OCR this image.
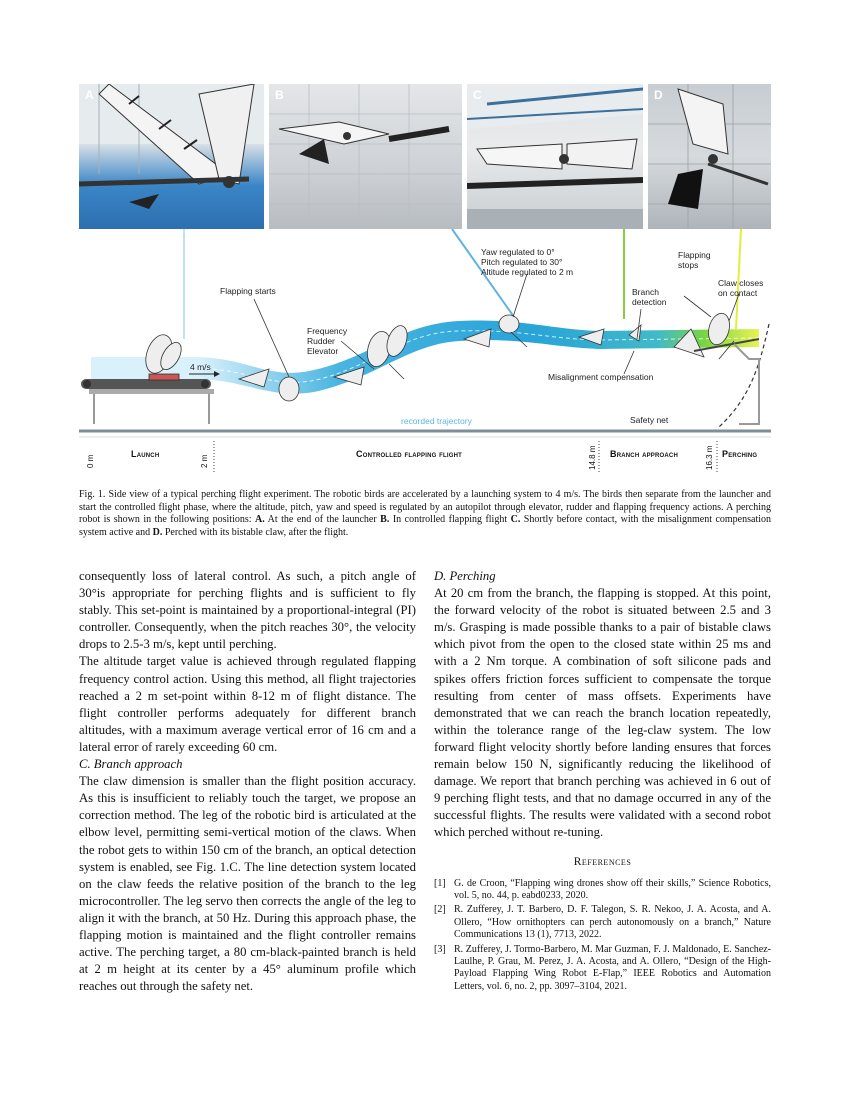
A	B	C	D
Flapping starts
4 m/s
Frequency
Rudder
Elevator
Yaw regulated to 0°
Pitch regulated to 30°
Altitude regulated to 2 m
Branch
detection
Flapping
stops
Claw closes
on contact
Misalignment compensation
recorded trajectory	Safety net
0 m	2 m	14.8 m	16.3 m
Launch	Controlled flapping flight	Branch approach	Perching
Fig. 1. Side view of a typical perching flight experiment. The robotic birds are accelerated by a launching system to 4 m/s. The birds then separate from the launcher and start the controlled flight phase, where the altitude, pitch, yaw and speed is regulated by an autopilot through elevator, rudder and flapping frequency actions. A perching robot is shown in the following positions: A. At the end of the launcher B. In controlled flapping flight C. Shortly before contact, with the misalignment compensation system active and D. Perched with its bistable claw, after the flight.

consequently loss of lateral control. As such, a pitch angle of 30°is appropriate for perching flights and is sufficient to fly stably. This set-point is maintained by a proportional-integral (PI) controller. Consequently, when the pitch reaches 30°, the velocity drops to 2.5-3 m/s, kept until perching.

The altitude target value is achieved through regulated flapping frequency control action. Using this method, all flight trajectories reached a 2 m set-point within 8-12 m of flight distance. The flight controller performs adequately for different branch altitudes, with a maximum average vertical error of 16 cm and a lateral error of rarely exceeding 60 cm.

C. Branch approach

The claw dimension is smaller than the flight position accuracy. As this is insufficient to reliably touch the target, we propose an correction method. The leg of the robotic bird is articulated at the elbow level, permitting semi-vertical motion of the claws. When the robot gets to within 150 cm of the branch, an optical detection system is enabled, see Fig. 1.C. The line detection system located on the claw feeds the relative position of the branch to the leg microcontroller. The leg servo then corrects the angle of the leg to align it with the branch, at 50 Hz. During this approach phase, the flapping motion is maintained and the flight controller remains active. The perching target, a 80 cm-black-painted branch is held at 2 m height at its center by a 45° aluminum profile which reaches out through the safety net.

D. Perching

At 20 cm from the branch, the flapping is stopped. At this point, the forward velocity of the robot is situated between 2.5 and 3 m/s. Grasping is made possible thanks to a pair of bistable claws which pivot from the open to the closed state within 25 ms and with a 2 Nm torque. A combination of soft silicone pads and spikes offers friction forces sufficient to compensate the torque resulting from center of mass offsets. Experiments have demonstrated that we can reach the branch location repeatedly, within the tolerance range of the leg-claw system. The low forward flight velocity shortly before landing ensures that forces remain below 150 N, significantly reducing the likelihood of damage. We report that branch perching was achieved in 6 out of 9 perching flight tests, and that no damage occurred in any of the successful flights. The results were validated with a second robot which perched without re-tuning.

References
[1] G. de Croon, “Flapping wing drones show off their skills,” Science Robotics, vol. 5, no. 44, p. eabd0233, 2020.
[2] R. Zufferey, J. T. Barbero, D. F. Talegon, S. R. Nekoo, J. A. Acosta, and A. Ollero, “How ornithopters can perch autonomously on a branch,” Nature Communications 13 (1), 7713, 2022.
[3] R. Zufferey, J. Tormo-Barbero, M. Mar Guzman, F. J. Maldonado, E. Sanchez-Laulhe, P. Grau, M. Perez, J. A. Acosta, and A. Ollero, “Design of the High-Payload Flapping Wing Robot E-Flap,” IEEE Robotics and Automation Letters, vol. 6, no. 2, pp. 3097–3104, 2021.
